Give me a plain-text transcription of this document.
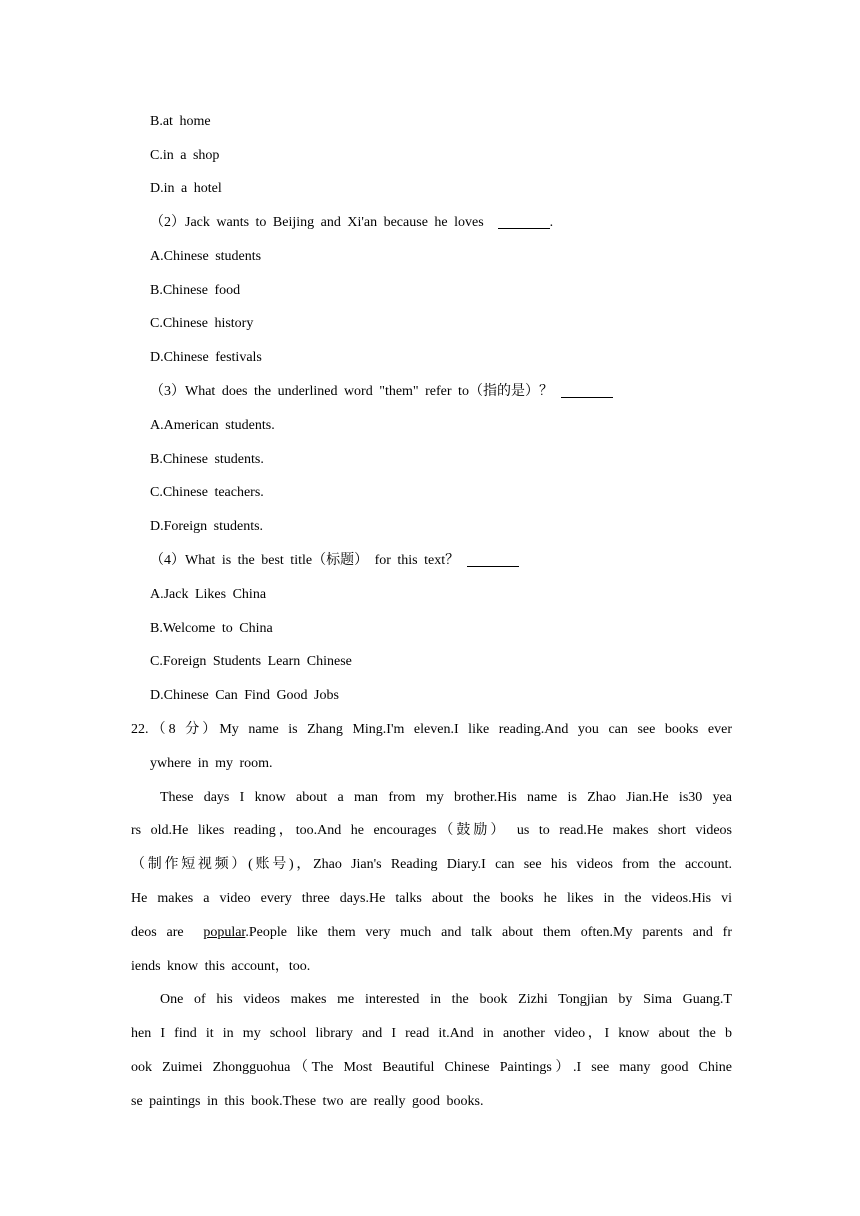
B.at home
C.in a shop
D.in a hotel
（2）Jack wants to Beijing and Xi'an because he loves	.
A.Chinese students
B.Chinese food
C.Chinese history
D.Chinese festivals
（3）What does the underlined word "them" refer to（指的是）？
A.American students.
B.Chinese students.
C.Chinese teachers.
D.Foreign students.
（4）What is the best title（标题） for this text？
A.Jack Likes China
B.Welcome to China
C.Foreign Students Learn Chinese
D.Chinese Can Find Good Jobs
22.（8 分）My name is Zhang Ming.I'm eleven.I like reading.And you can see books ever
ywhere in my room.
These days I know about a man from my brother.His name is Zhao Jian.He is30 yea
rs old.He likes reading，too.And he encourages（鼓励） us to read.He makes short videos
（制作短视频）(账号)，Zhao Jian's Reading Diary.I can see his videos from the account.
He makes a video every three days.He talks about the books he likes in the videos.His vi
deos are popular.People like them very much and talk about them often.My parents and fr
iends know this account，too.
One of his videos makes me interested in the book Zizhi Tongjian by Sima Guang.T
hen I find it in my school library and I read it.And in another video，I know about the b
ook Zuimei Zhongguohua（The Most Beautiful Chinese Paintings）.I see many good Chine
se paintings in this book.These two are really good books.
